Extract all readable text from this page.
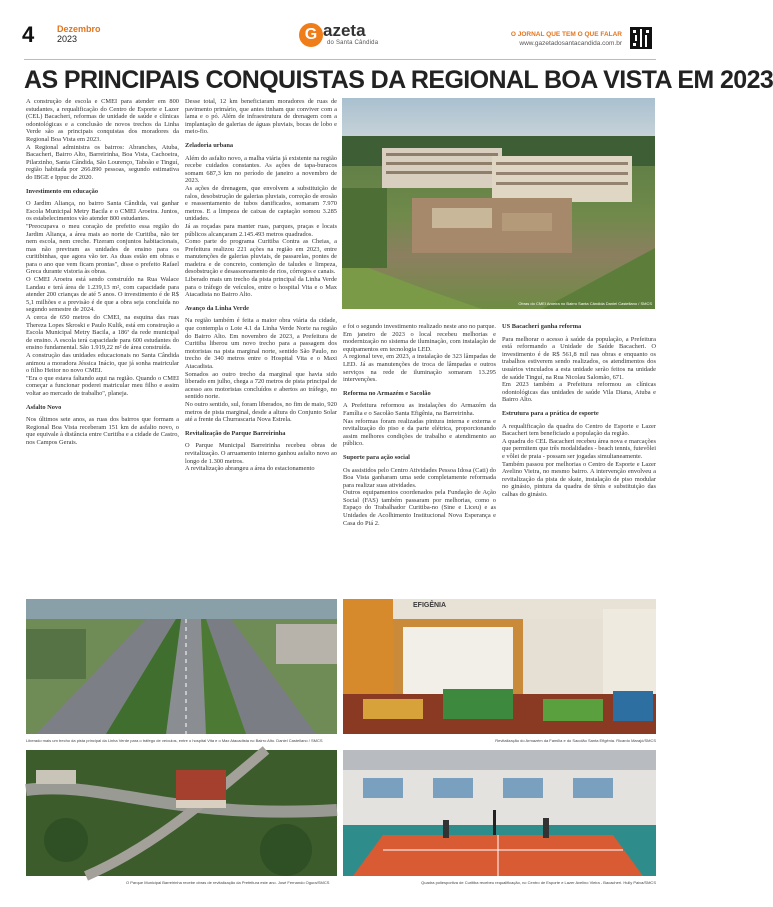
4	Dezembro
2023	G azeta
do Santa Cândida
O JORNAL QUE TEM O QUE FALAR
www.gazetadosantacandida.com.br
AS PRINCIPAIS CONQUISTAS DA REGIONAL BOA VISTA EM 2023

A construção de escola e CMEI para atender em 800 estudantes, a requalificação do Centro de Esporte e Lazer (CEL) Bacacheri, reformas de unidade de saúde e clínicas odontológicas e a conclusão de novos trechos da Linha Verde são as principais conquistas dos moradores da Regional Boa Vista em 2023.

A Regional administra os bairros: Abranches, Atuba, Bacacheri, Bairro Alto, Barreirinha, Boa Vista, Cachoeira, Pilarzinho, Santa Cândida, São Lourenço, Taboão e Tinguí, região habitada por 266.890 pessoas, segundo estimativa do IBGE e Ippuc de 2020.

Investimento em educação

O Jardim Aliança, no bairro Santa Cândida, vai ganhar Escola Municipal Metry Bacila e o CMEI Aroeira. Juntos, os estabelecimentos vão atender 800 estudantes.

"Preocupava o meu coração de prefeito essa região do Jardim Aliança, a área mais ao norte de Curitiba, não ter nem escola, nem creche. Fizeram conjuntos habitacionais, mas não previram as unidades de ensino para os curitibinhas, que agora vão ter. As duas estão em obras e para o ano que vem ficam prontas", disse o prefeito Rafael Greca durante vistoria às obras.

O CMEI Aroeira está sendo construído na Rua Walace Landau e terá área de 1.239,13 m², com capacidade para atender 200 crianças de até 5 anos. O investimento é de R$ 5,1 milhões e a previsão é de que a obra seja concluída no segundo semestre de 2024.

A cerca de 650 metros do CMEI, na esquina das ruas Thereza Lopes Skroski e Paulo Kulik, está em construção a Escola Municipal Metry Bacila, a 186ª da rede municipal de ensino. A escola terá capacidade para 600 estudantes do ensino fundamental. São 1.919,22 m² de área construída.

A construção das unidades educacionais no Santa Cândida animou a moradora Jéssica Inácio, que já sonha matricular o filho Heitor no novo CMEI.

"Era o que estava faltando aqui na região. Quando o CMEI começar a funcionar poderei matricular meu filho e assim voltar ao mercado de trabalho", planeja.

Asfalto Novo

Nos últimos sete anos, as ruas dos bairros que formam a Regional Boa Vista receberam 151 km de asfalto novo, o que equivale à distância entre Curitiba e a cidade de Castro, nos Campos Gerais.

Desse total, 12 km beneficiaram moradores de ruas de pavimento primário, que antes tinham que conviver com a lama e o pó. Além de infraestrutura de drenagem com a implantação de galerias de águas pluviais, bocas de lobo e meio-fio.

Zeladoria urbana

Além do asfalto novo, a malha viária já existente na região recebe cuidados constantes. As ações de tapa-buracos somam 687,3 km no período de janeiro a novembro de 2023.

As ações de drenagem, que envolvem a substituição de ralos, desobstrução de galerias pluviais, correção de erosão e reassentamento de tubos danificados, somaram 7.970 metros. E a limpeza de caixas de captação somou 3.285 unidades.

Já as roçadas para manter ruas, parques, praças e locais públicos alcançaram 2.145.493 metros quadrados.

Como parte do programa Curitiba Contra as Cheias, a Prefeitura realizou 221 ações na região em 2023, entre manutenções de galerias pluviais, de passarelas, pontes de madeira e de concreto, contenção de taludes e limpeza, desobstrução e desassoreamento de rios, córregos e canais.

Liberado mais um trecho da pista principal da Linha Verde para o tráfego de veículos, entre o hospital Vita e o Max Atacadista no Bairro Alto.

Avanço da Linha Verde

Na região também é feita a maior obra viária da cidade, que contempla o Lote 4.1 da Linha Verde Norte na região do Bairro Alto. Em novembro de 2023, a Prefeitura de Curitiba liberou um novo trecho para a passagem dos motoristas na pista marginal norte, sentido São Paulo, no trecho de 340 metros entre o Hospital Vita e o Maxi Atacadista.

Somados ao outro trecho da marginal que havia sido liberado em julho, chega a 720 metros de pista principal de acesso aos motoristas concluídos e abertos ao tráfego, no sentido norte.

No outro sentido, sul, foram liberados, no fim de maio, 920 metros de pista marginal, desde a altura do Conjunto Solar até a frente da Churrascaria Nova Estrela.

Revitalização do Parque Barreirinha

O Parque Municipal Barreirinha recebeu obras de revitalização. O arruamento interno ganhou asfalto novo ao longo de 1.300 metros.

A revitalização abrangeu a área do estacionamento

Obras do CMEI Aroeira no Bairro Santa Cândida Daniel Castellano / SMCS

e foi o segundo investimento realizado neste ano no parque. Em janeiro de 2023 o local recebeu melhorias e modernização no sistema de iluminação, com instalação de equipamentos em tecnologia LED.

A regional teve, em 2023, a instalação de 323 lâmpadas de LED. Já as manutenções de troca de lâmpadas e outros serviços na rede de iluminação somaram 13.295 intervenções.

Reforma no Armazém e Sacolão

A Prefeitura reformou as instalações do Armazém da Família e o Sacolão Santa Efigênia, na Barreirinha.

Nas reformas foram realizadas pintura interna e externa e revitalização do piso e da parte elétrica, proporcionando assim melhores condições de trabalho e atendimento ao público.

Suporte para ação social

Os assistidos pelo Centro Atividades Pessoa Idosa (Cati) do Boa Vista ganharam uma sede completamente reformada para realizar suas atividades.

Outros equipamentos coordenados pela Fundação de Ação Social (FAS) também passaram por melhorias, como o Espaço do Trabalhador Curitiba-no (Sine e Liceu) e as Unidades de Acolhimento Institucional Nova Esperança e Casa do Piá 2.

US Bacacheri ganha reforma

Para melhorar o acesso à saúde da população, a Prefeitura está reformando a Unidade de Saúde Bacacheri. O investimento é de R$ 561,8 mil nas obras e enquanto os trabalhos estiverem sendo realizados, os atendimentos dos usuários vinculados a esta unidade serão feitos na unidade de saúde Tinguí, na Rua Nicolau Salomão, 671.

Em 2023 também a Prefeitura reformou as clínicas odontológicas das unidades de saúde Vila Diana, Atuba e Bairro Alto.

Estrutura para a prática de esporte

A requalificação da quadra do Centro de Esporte e Lazer Bacacheri tem beneficiado a população da região.

A quadra do CEL Bacacheri recebeu área nova e marcações que permitem que três modalidades - beach tennis, futevôlei e vôlei de praia - possam ser jogadas simultaneamente.

Também passou por melhorias o Centro de Esporte e Lazer Avelino Vieira, no mesmo bairro. A intervenção envolveu a revitalização da pista de skate, instalação de piso modular no ginásio, pintura da quadra de tênis e substituição das calhas do ginásio.

Liberado mais um trecho da pista principal da Linha Verde para o tráfego de veículos, entre o hospital Vita e o Max Atacadista no Bairro Alto. Daniel Castellano / SMCS
EFIGÊNIA
Revitalização do Armazém da Família e do Sacolão Santa Efigênia. Ricardo Marajó/SMCS
O Parque Municipal Barreirinha recebe obras de revitalização da Prefeitura este ano. José Fernando Ogura/SMCS	Quadra poliesportiva de Curitiba recebeu requalificação, no Centro de Esporte e Lazer Avelino Vieira - Bacacheri. Hully Paiva/SMCS
